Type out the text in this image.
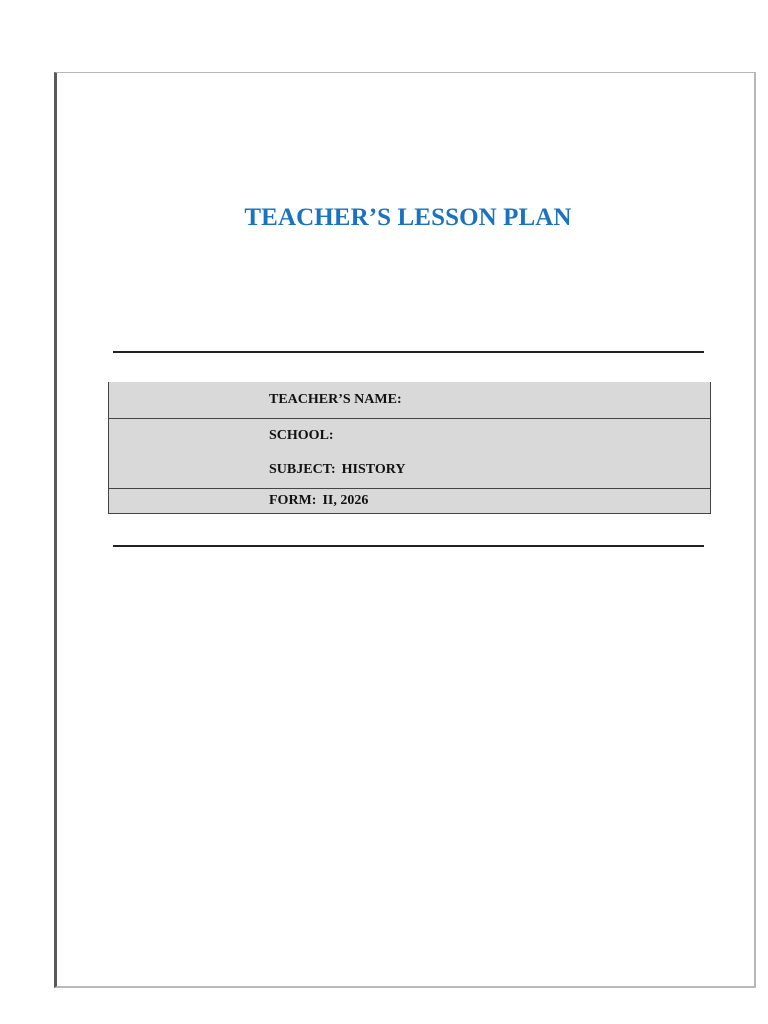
TEACHER’S LESSON PLAN
TEACHER’S NAME:
SCHOOL:
SUBJECT: HISTORY
FORM: II, 2026
